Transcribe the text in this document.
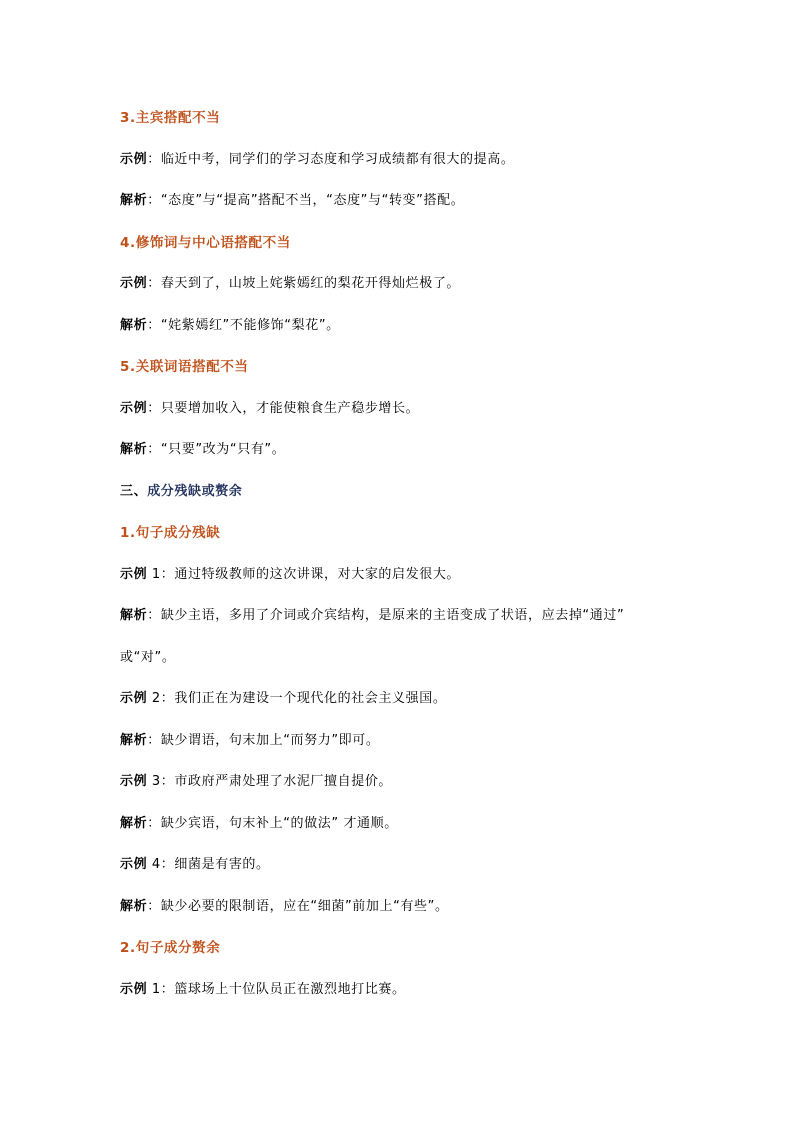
3.主宾搭配不当
示例：临近中考，同学们的学习态度和学习成绩都有很大的提高。
解析：“态度”与“提高”搭配不当，“态度”与“转变”搭配。
4.修饰词与中心语搭配不当
示例：春天到了，山坡上姹紫嫣红的梨花开得灿烂极了。
解析：“姹紫嫣红”不能修饰“梨花”。
5.关联词语搭配不当
示例：只要增加收入，才能使粮食生产稳步增长。
解析：“只要”改为“只有”。
三、成分残缺或赘余
1.句子成分残缺
示例 1：通过特级教师的这次讲课，对大家的启发很大。
解析：缺少主语，多用了介词或介宾结构，是原来的主语变成了状语，应去掉“通过”
或“对”。
示例 2：我们正在为建设一个现代化的社会主义强国。
解析：缺少谓语，句末加上“而努力”即可。
示例 3：市政府严肃处理了水泥厂擅自提价。
解析：缺少宾语，句末补上“的做法” 才通顺。
示例 4：细菌是有害的。
解析：缺少必要的限制语，应在“细菌”前加上“有些”。
2.句子成分赘余
示例 1：篮球场上十位队员正在激烈地打比赛。
